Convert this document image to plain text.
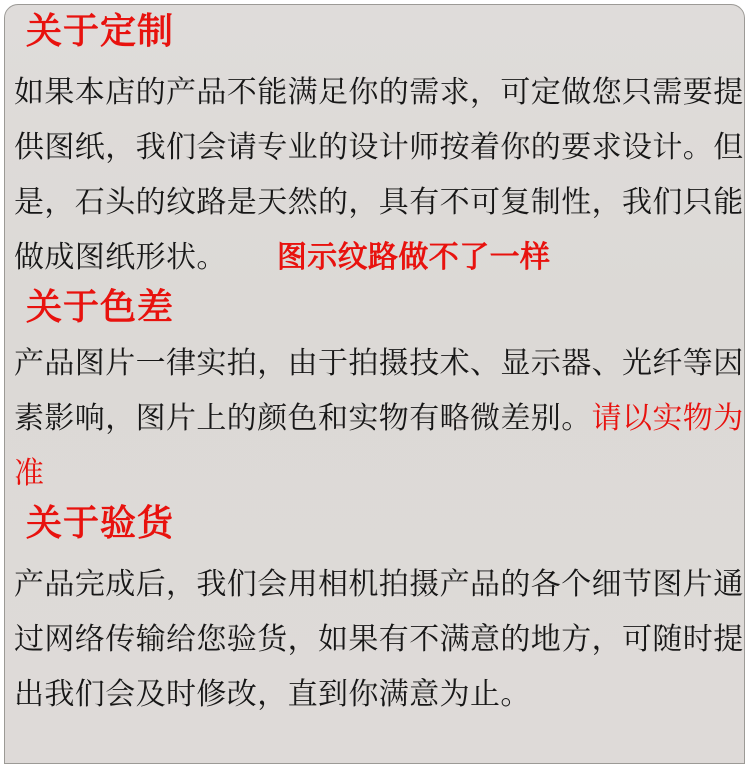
关于定制
如果本店的产品不能满足你的需求，可定做您只需要提
供图纸，我们会请专业的设计师按着你的要求设计。但
是，石头的纹路是天然的，具有不可复制性，我们只能
做成图纸形状。 图示纹路做不了一样
关于色差
产品图片一律实拍，由于拍摄技术、显示器、光纤等因
素影响，图片上的颜色和实物有略微差别。请以实物为
准
关于验货
产品完成后，我们会用相机拍摄产品的各个细节图片通
过网络传输给您验货，如果有不满意的地方，可随时提
出我们会及时修改，直到你满意为止。
